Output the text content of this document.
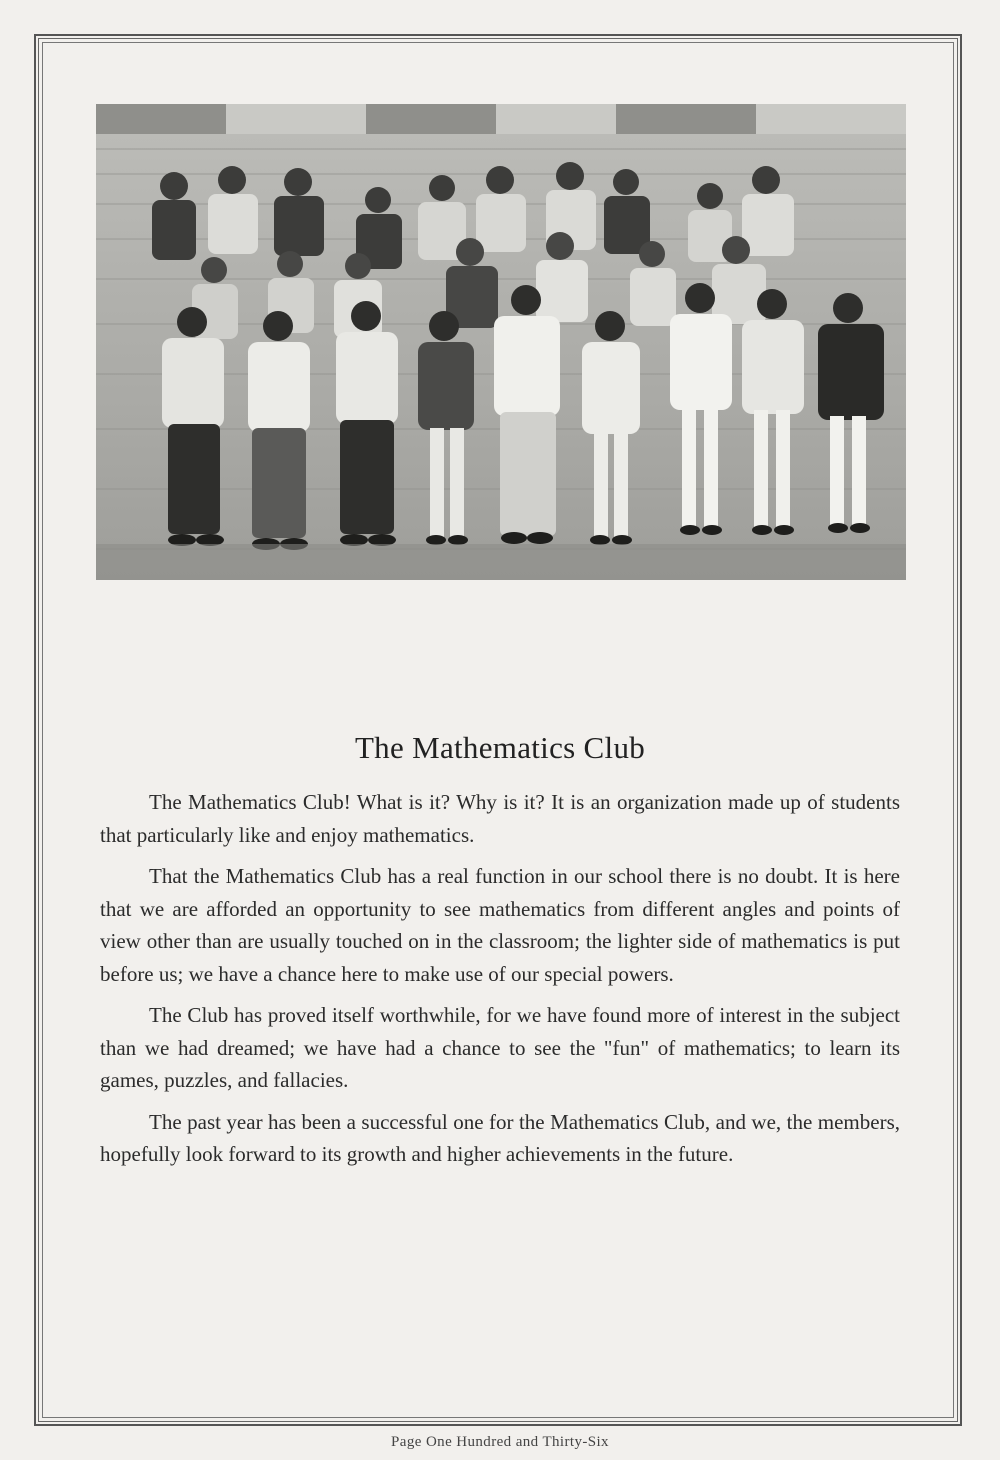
The Mathematics Club

The Mathematics Club! What is it? Why is it? It is an organization made up of students that particularly like and enjoy mathematics.

That the Mathematics Club has a real function in our school there is no doubt. It is here that we are afforded an opportunity to see mathematics from different angles and points of view other than are usually touched on in the classroom; the lighter side of mathematics is put before us; we have a chance here to make use of our special powers.

The Club has proved itself worthwhile, for we have found more of interest in the subject than we had dreamed; we have had a chance to see the "fun" of mathematics; to learn its games, puzzles, and fallacies.

The past year has been a successful one for the Mathematics Club, and we, the members, hopefully look forward to its growth and higher achievements in the future.

Page One Hundred and Thirty-Six
